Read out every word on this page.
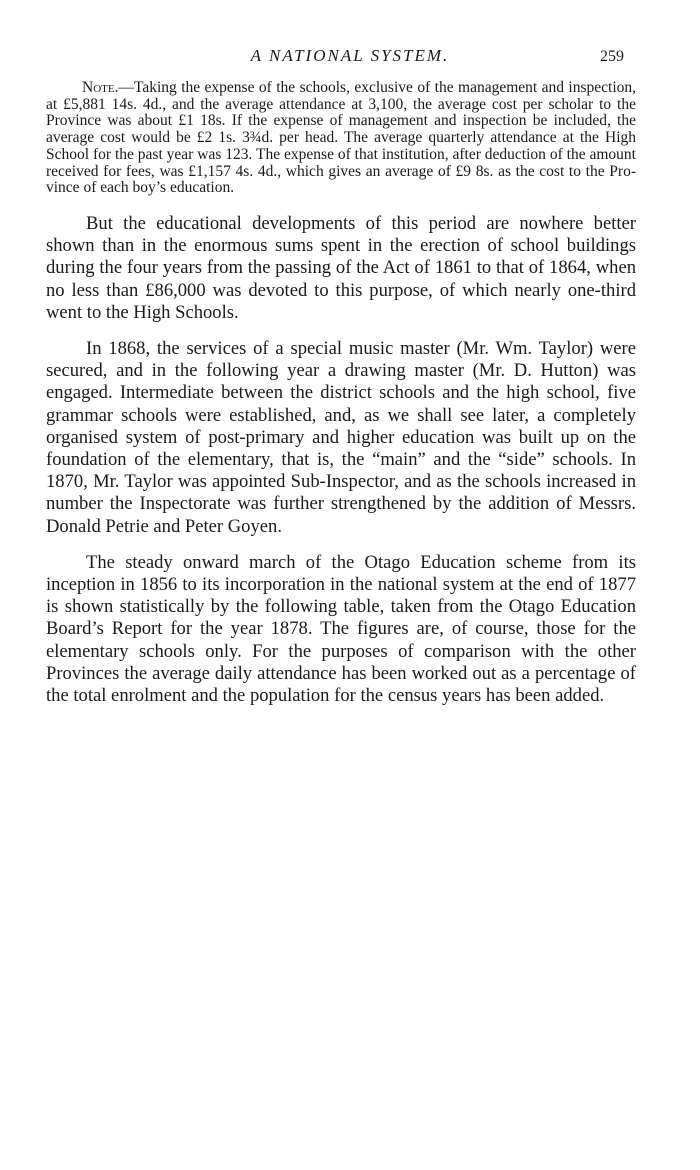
A NATIONAL SYSTEM.	259

Note.—Taking the expense of the schools, exclusive of the management and inspection, at £5,881 14s. 4d., and the average attendance at 3,100, the average cost per scholar to the Province was about £1 18s. If the expense of management and inspection be included, the average cost would be £2 1s. 3¾d. per head. The average quarterly attendance at the High School for the past year was 123. The expense of that institution, after deduction of the amount received for fees, was £1,157 4s. 4d., which gives an average of £9 8s. as the cost to the Province of each boy’s education.

But the educational developments of this period are nowhere better shown than in the enormous sums spent in the erection of school buildings during the four years from the passing of the Act of 1861 to that of 1864, when no less than £86,000 was devoted to this purpose, of which nearly one-third went to the High Schools.

In 1868, the services of a special music master (Mr. Wm. Taylor) were secured, and in the following year a drawing master (Mr. D. Hutton) was engaged. Intermediate between the district schools and the high school, five grammar schools were established, and, as we shall see later, a completely organised system of post-primary and higher education was built up on the foundation of the elementary, that is, the “main” and the “side” schools. In 1870, Mr. Taylor was appointed Sub-Inspector, and as the schools increased in number the Inspectorate was further strengthened by the addition of Messrs. Donald Petrie and Peter Goyen.

The steady onward march of the Otago Education scheme from its inception in 1856 to its incorporation in the national system at the end of 1877 is shown statistically by the following table, taken from the Otago Education Board’s Report for the year 1878. The figures are, of course, those for the elementary schools only. For the purposes of comparison with the other Provinces the average daily attendance has been worked out as a percentage of the total enrolment and the population for the census years has been added.
